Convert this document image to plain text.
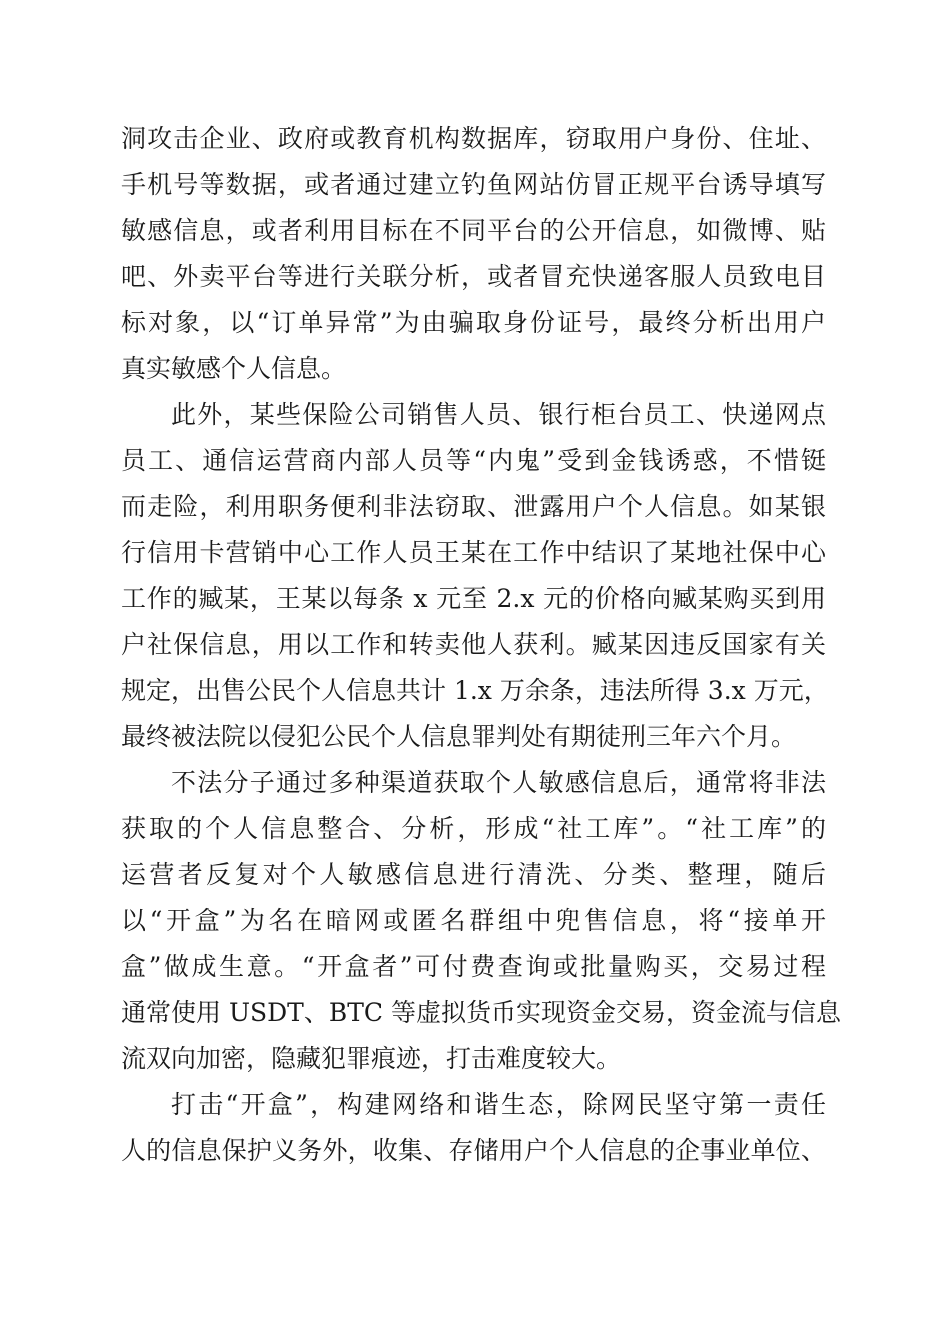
洞攻击企业、政府或教育机构数据库，窃取用户身份、住址、
手机号等数据，或者通过建立钓鱼网站仿冒正规平台诱导填写
敏感信息，或者利用目标在不同平台的公开信息，如微博、贴
吧、外卖平台等进行关联分析，或者冒充快递客服人员致电目
标对象，以“订单异常”为由骗取身份证号，最终分析出用户
真实敏感个人信息。
此外，某些保险公司销售人员、银行柜台员工、快递网点
员工、通信运营商内部人员等“内鬼”受到金钱诱惑，不惜铤
而走险，利用职务便利非法窃取、泄露用户个人信息。如某银
行信用卡营销中心工作人员王某在工作中结识了某地社保中心
工作的臧某，王某以每条 x 元至 2.x 元的价格向臧某购买到用
户社保信息，用以工作和转卖他人获利。臧某因违反国家有关
规定，出售公民个人信息共计 1.x 万余条，违法所得 3.x 万元，
最终被法院以侵犯公民个人信息罪判处有期徒刑三年六个月。
不法分子通过多种渠道获取个人敏感信息后，通常将非法
获取的个人信息整合、分析，形成“社工库”。“社工库”的
运营者反复对个人敏感信息进行清洗、分类、整理，随后
以“开盒”为名在暗网或匿名群组中兜售信息，将“接单开
盒”做成生意。“开盒者”可付费查询或批量购买，交易过程
通常使用 USDT、BTC 等虚拟货币实现资金交易，资金流与信息
流双向加密，隐藏犯罪痕迹，打击难度较大。
打击“开盒”，构建网络和谐生态，除网民坚守第一责任
人的信息保护义务外，收集、存储用户个人信息的企事业单位、
